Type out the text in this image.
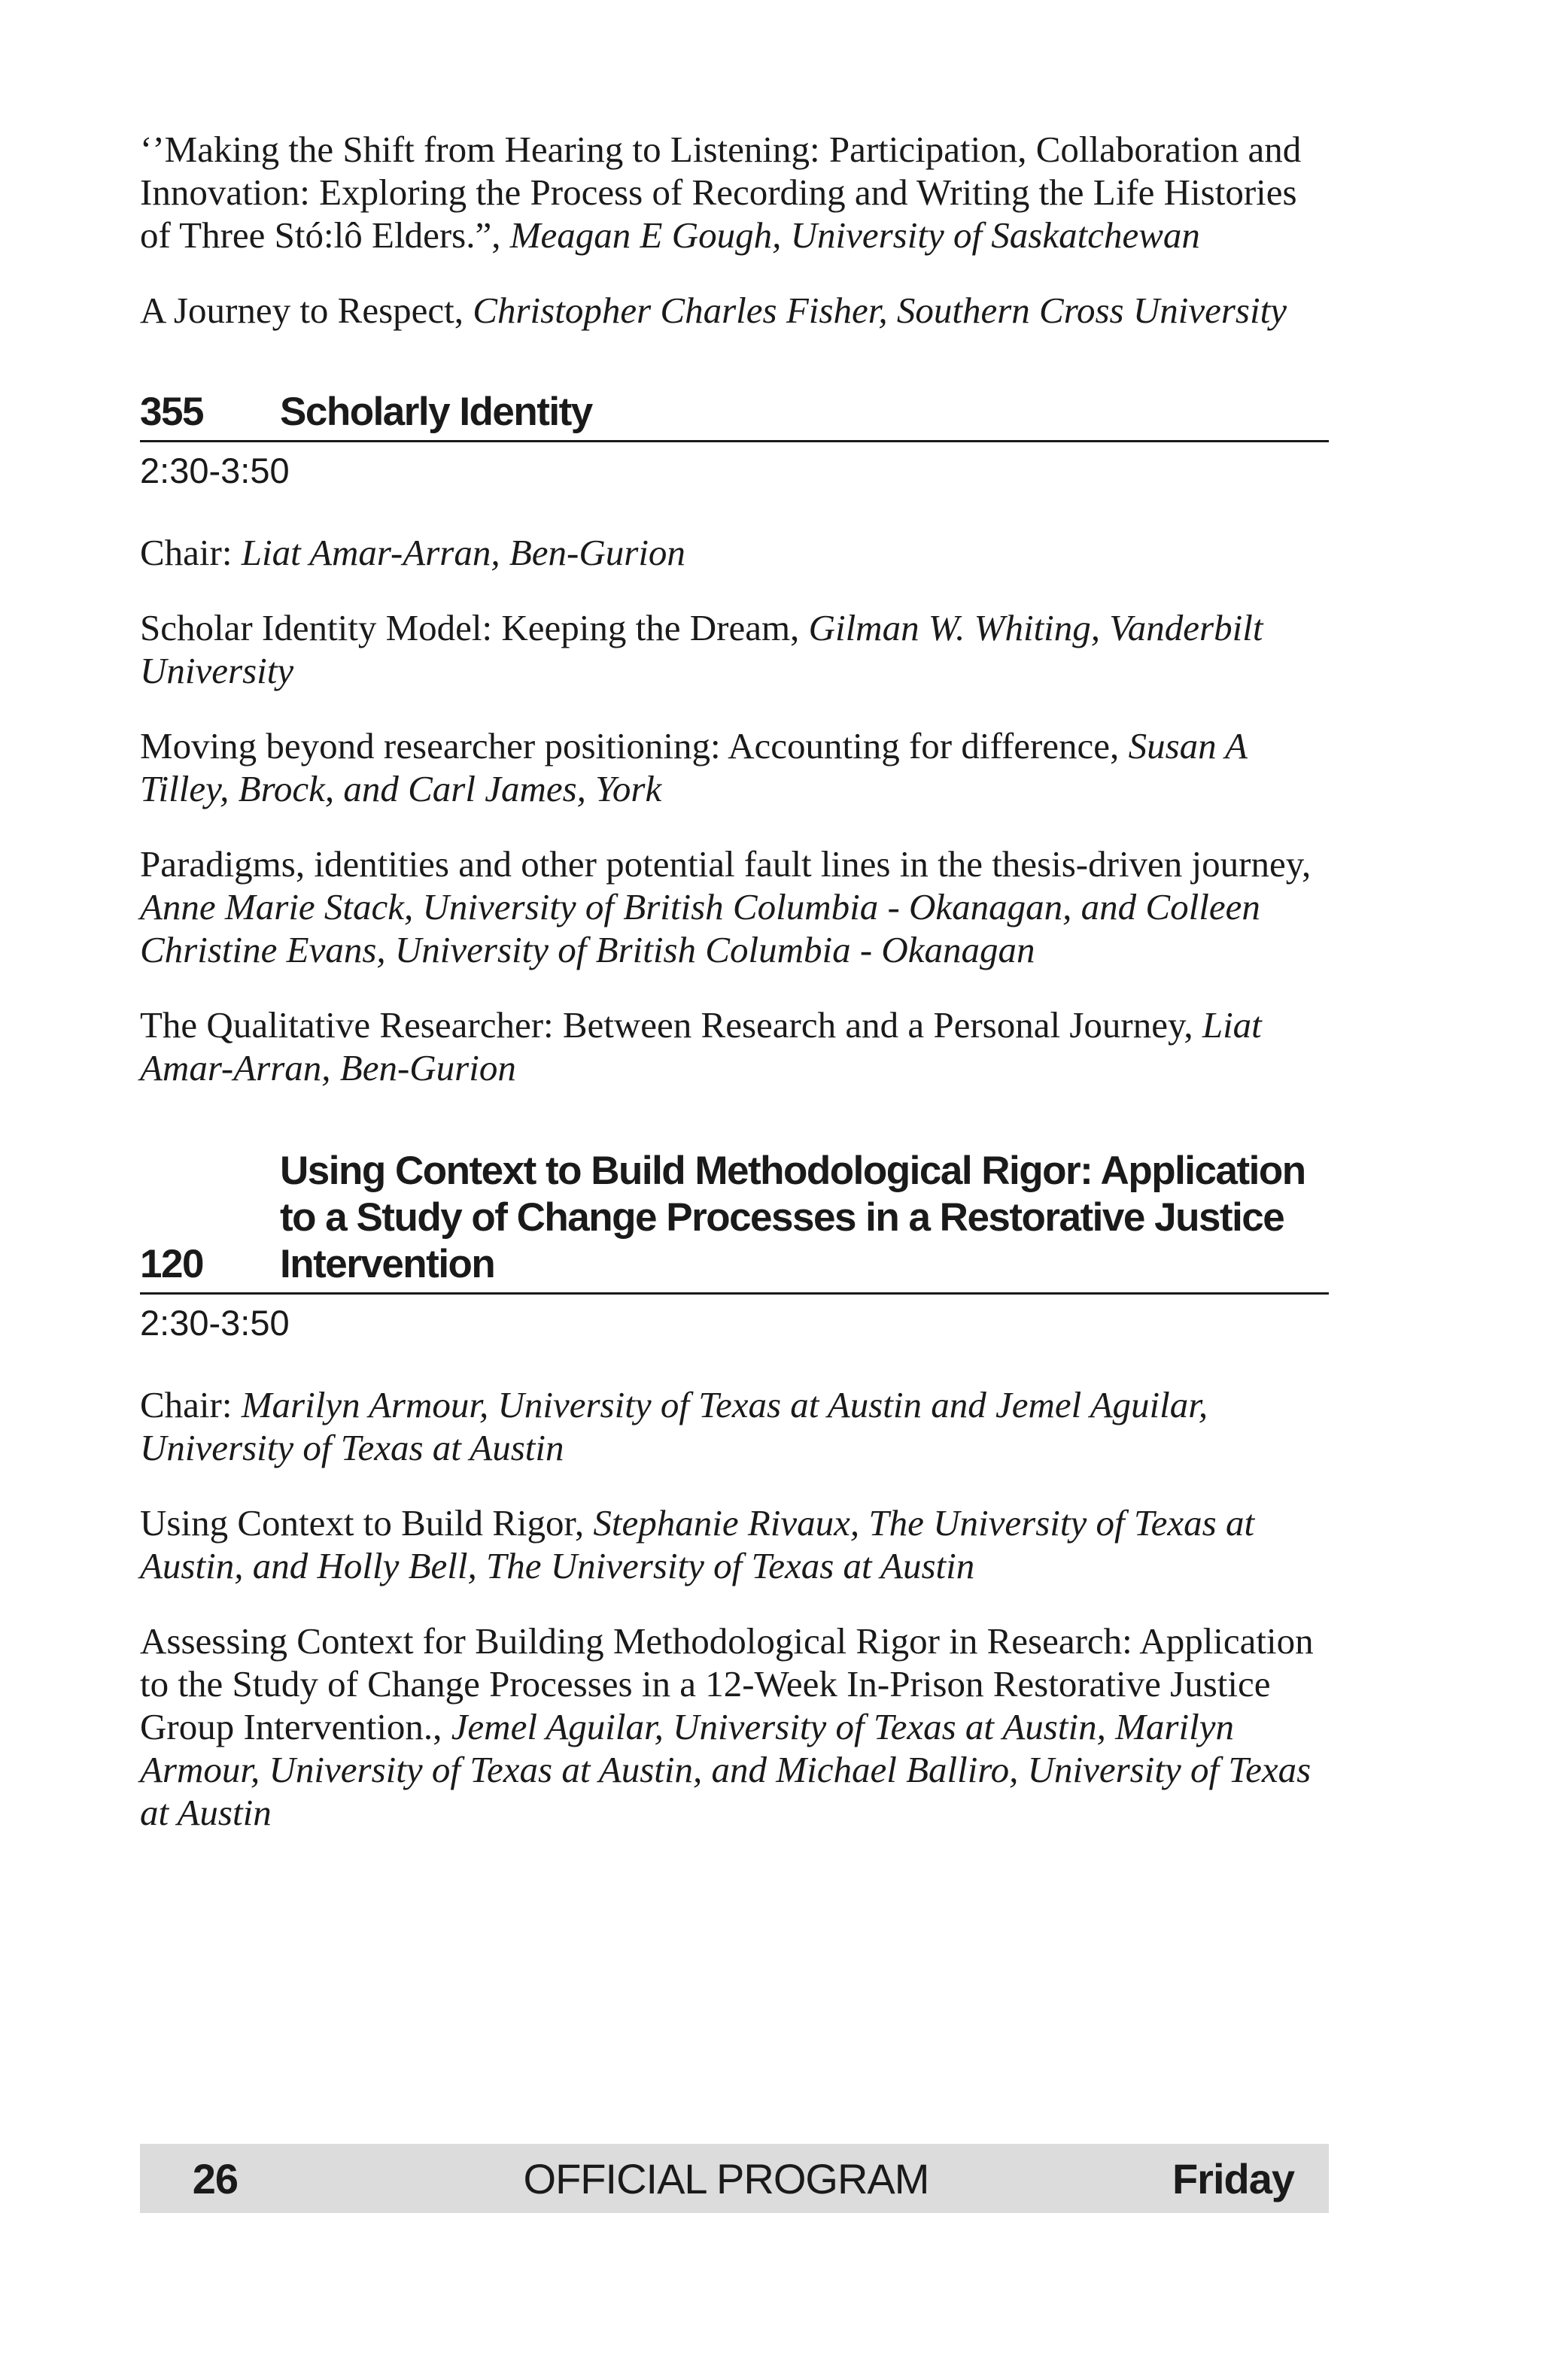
‘’Making the Shift from Hearing to Listening: Participation, Collaboration and Innovation: Exploring the Process of Recording and Writing the Life Histories of Three Stó:lô Elders.”, Meagan E Gough, University of Saskatchewan

A Journey to Respect, Christopher Charles Fisher, Southern Cross University

355	Scholarly Identity
2:30-3:50

Chair: Liat Amar-Arran, Ben-Gurion

Scholar Identity Model: Keeping the Dream, Gilman W. Whiting, Vanderbilt University

Moving beyond researcher positioning: Accounting for difference, Susan A Tilley, Brock, and Carl James, York

Paradigms, identities and other potential fault lines in the thesis-driven journey, Anne Marie Stack, University of British Columbia - Okanagan, and Colleen Christine Evans, University of British Columbia - Okanagan

The Qualitative Researcher: Between Research and a Personal Journey, Liat Amar-Arran, Ben-Gurion

120
Using Context to Build Methodological Rigor: Application to a Study of Change Processes in a Restorative Justice Intervention
2:30-3:50

Chair: Marilyn Armour, University of Texas at Austin and Jemel Aguilar, University of Texas at Austin

Using Context to Build Rigor, Stephanie Rivaux, The University of Texas at Austin, and Holly Bell, The University of Texas at Austin

Assessing Context for Building Methodological Rigor in Research: Application to the Study of Change Processes in a 12-Week In-Prison Restorative Justice Group Intervention., Jemel Aguilar, University of Texas at Austin, Marilyn Armour, University of Texas at Austin, and Michael Balliro, University of Texas at Austin

26	OFFICIAL PROGRAM	Friday
